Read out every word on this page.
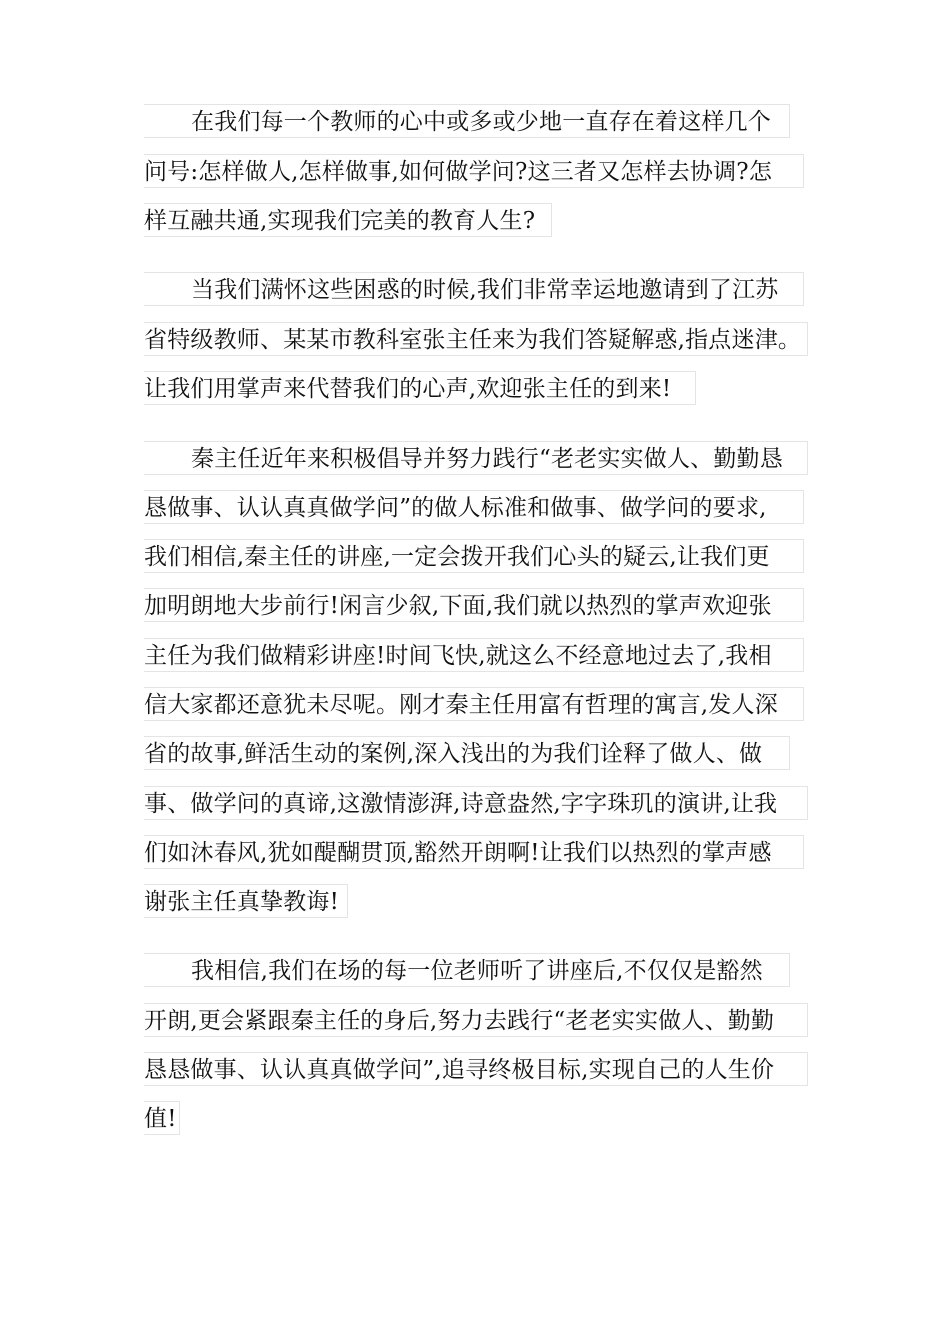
在我们每一个教师的心中或多或少地一直存在着这样几个
问号:怎样做人,怎样做事,如何做学问?这三者又怎样去协调?怎
样互融共通,实现我们完美的教育人生?
当我们满怀这些困惑的时候,我们非常幸运地邀请到了江苏
省特级教师、某某市教科室张主任来为我们答疑解惑,指点迷津。
让我们用掌声来代替我们的心声,欢迎张主任的到来!
秦主任近年来积极倡导并努力践行“老老实实做人、勤勤恳
恳做事、认认真真做学问”的做人标准和做事、做学问的要求,
我们相信,秦主任的讲座,一定会拨开我们心头的疑云,让我们更
加明朗地大步前行!闲言少叙,下面,我们就以热烈的掌声欢迎张
主任为我们做精彩讲座!时间飞快,就这么不经意地过去了,我相
信大家都还意犹未尽呢。刚才秦主任用富有哲理的寓言,发人深
省的故事,鲜活生动的案例,深入浅出的为我们诠释了做人、做
事、做学问的真谛,这激情澎湃,诗意盎然,字字珠玑的演讲,让我
们如沐春风,犹如醍醐贯顶,豁然开朗啊!让我们以热烈的掌声感
谢张主任真挚教诲!
我相信,我们在场的每一位老师听了讲座后,不仅仅是豁然
开朗,更会紧跟秦主任的身后,努力去践行“老老实实做人、勤勤
恳恳做事、认认真真做学问”,追寻终极目标,实现自己的人生价
值!
